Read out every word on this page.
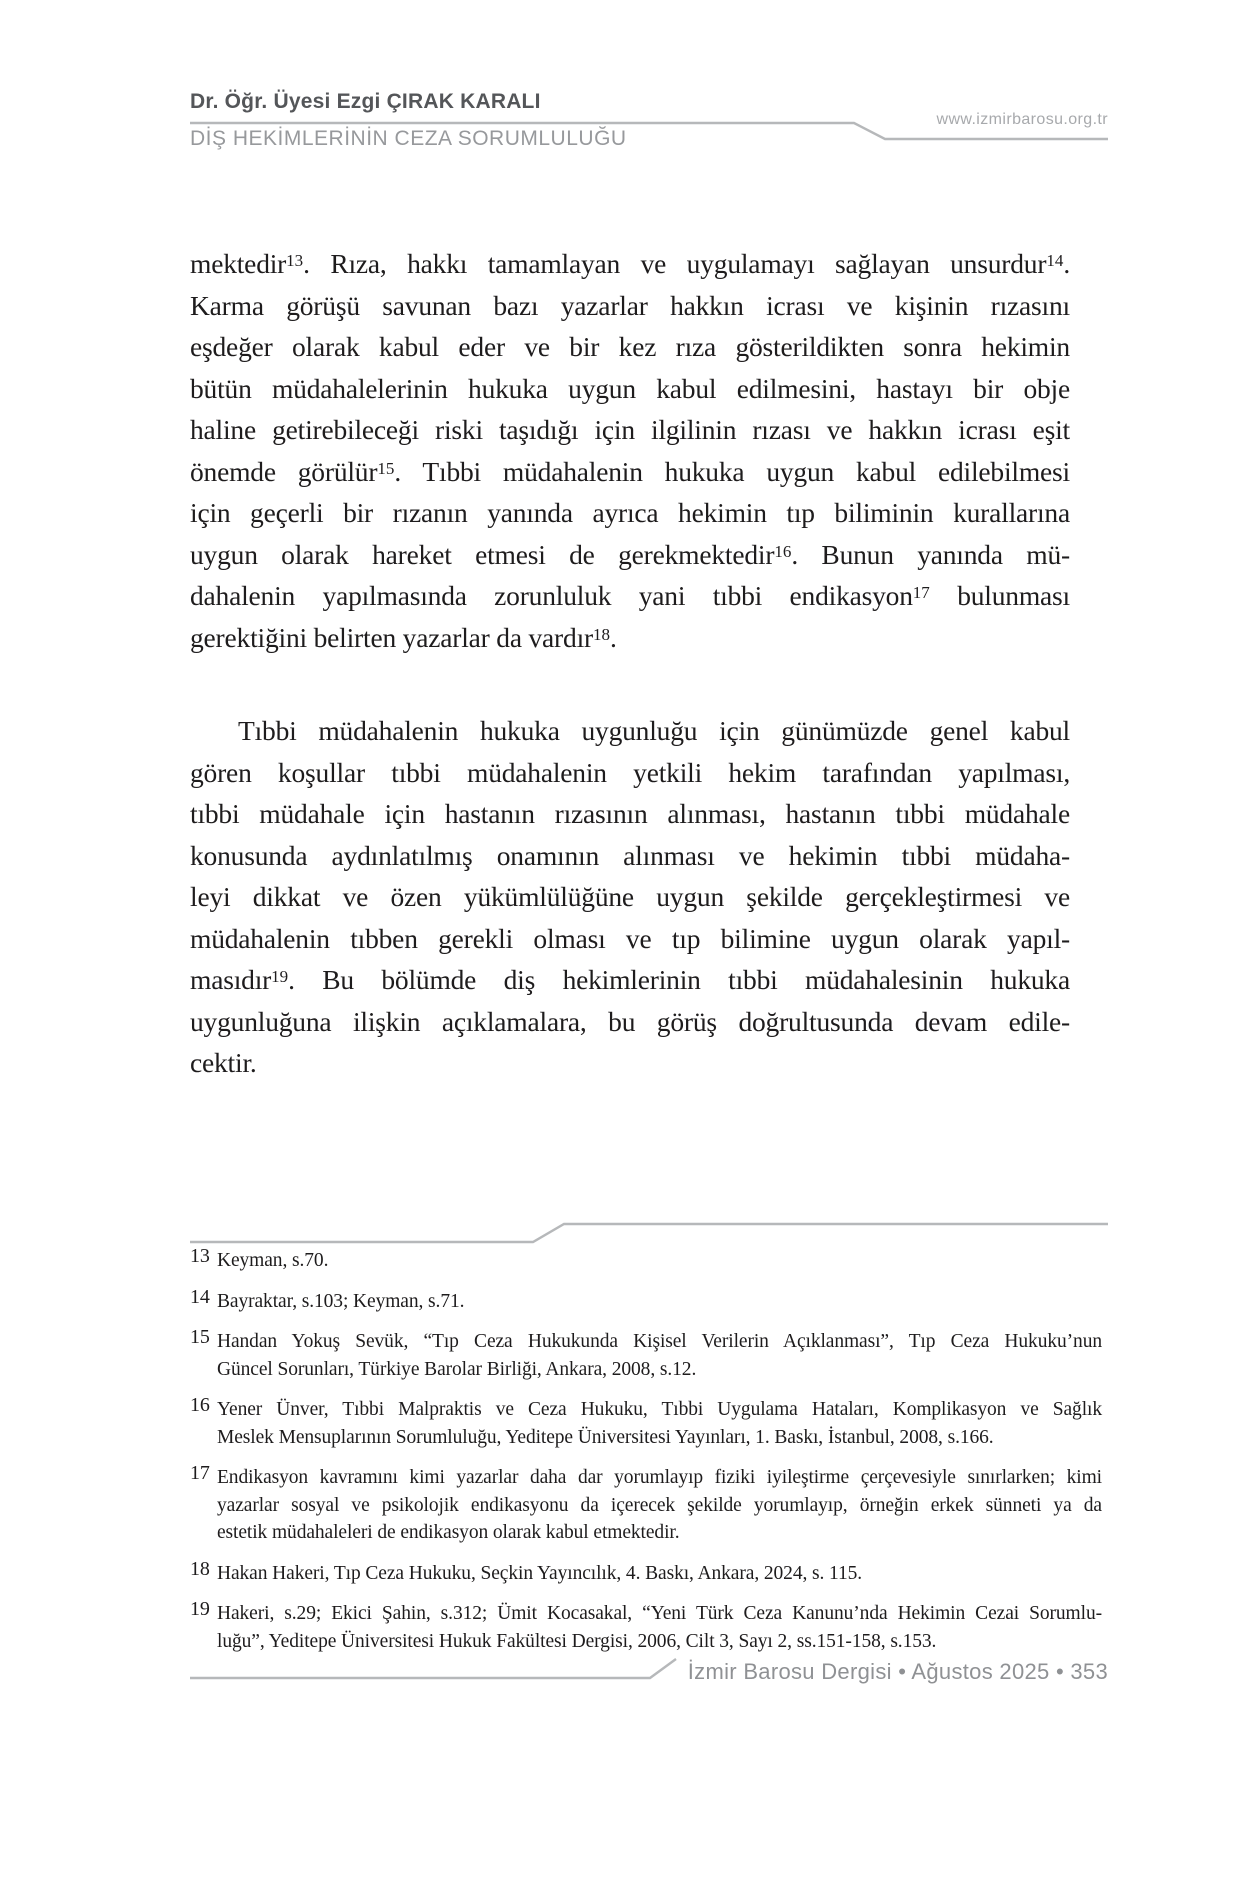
Dr. Öğr. Üyesi Ezgi ÇIRAK KARALI
DİŞ HEKİMLERİNİN CEZA SORUMLULUĞU
www.izmirbarosu.org.tr
mektedir$^{13}$. Rıza, hakkı tamamlayan ve uygulamayı sağlayan unsurdur$^{14}$.
Karma görüşü savunan bazı yazarlar hakkın icrası ve kişinin rızasını
eşdeğer olarak kabul eder ve bir kez rıza gösterildikten sonra hekimin
bütün müdahalelerinin hukuka uygun kabul edilmesini, hastayı bir obje
haline getirebileceği riski taşıdığı için ilgilinin rızası ve hakkın icrası eşit
önemde görülür$^{15}$. Tıbbi müdahalenin hukuka uygun kabul edilebilmesi
için geçerli bir rızanın yanında ayrıca hekimin tıp biliminin kurallarına
uygun olarak hareket etmesi de gerekmektedir$^{16}$. Bunun yanında mü-
dahalenin yapılmasında zorunluluk yani tıbbi endikasyon$^{17}$ bulunması
gerektiğini belirten yazarlar da vardır$^{18}$.
Tıbbi müdahalenin hukuka uygunluğu için günümüzde genel kabul
gören koşullar tıbbi müdahalenin yetkili hekim tarafından yapılması,
tıbbi müdahale için hastanın rızasının alınması, hastanın tıbbi müdahale
konusunda aydınlatılmış onamının alınması ve hekimin tıbbi müdaha-
leyi dikkat ve özen yükümlülüğüne uygun şekilde gerçekleştirmesi ve
müdahalenin tıbben gerekli olması ve tıp bilimine uygun olarak yapıl-
masıdır$^{19}$. Bu bölümde diş hekimlerinin tıbbi müdahalesinin hukuka
uygunluğuna ilişkin açıklamalara, bu görüş doğrultusunda devam edile-
cektir.
13 Keyman, s.70.
14 Bayraktar, s.103; Keyman, s.71.
15 Handan Yokuş Sevük, “Tıp Ceza Hukukunda Kişisel Verilerin Açıklanması”, Tıp Ceza Hukuku’nun
Güncel Sorunları, Türkiye Barolar Birliği, Ankara, 2008, s.12.
16 Yener Ünver, Tıbbi Malpraktis ve Ceza Hukuku, Tıbbi Uygulama Hataları, Komplikasyon ve Sağlık
Meslek Mensuplarının Sorumluluğu, Yeditepe Üniversitesi Yayınları, 1. Baskı, İstanbul, 2008, s.166.
17 Endikasyon kavramını kimi yazarlar daha dar yorumlayıp fiziki iyileştirme çerçevesiyle sınırlarken; kimi
yazarlar sosyal ve psikolojik endikasyonu da içerecek şekilde yorumlayıp, örneğin erkek sünneti ya da
estetik müdahaleleri de endikasyon olarak kabul etmektedir.
18 Hakan Hakeri, Tıp Ceza Hukuku, Seçkin Yayıncılık, 4. Baskı, Ankara, 2024, s. 115.
19 Hakeri, s.29; Ekici Şahin, s.312; Ümit Kocasakal, “Yeni Türk Ceza Kanunu’nda Hekimin Cezai Sorumlu-
luğu”, Yeditepe Üniversitesi Hukuk Fakültesi Dergisi, 2006, Cilt 3, Sayı 2, ss.151-158, s.153.
İzmir Barosu Dergisi • Ağustos 2025 • 353
